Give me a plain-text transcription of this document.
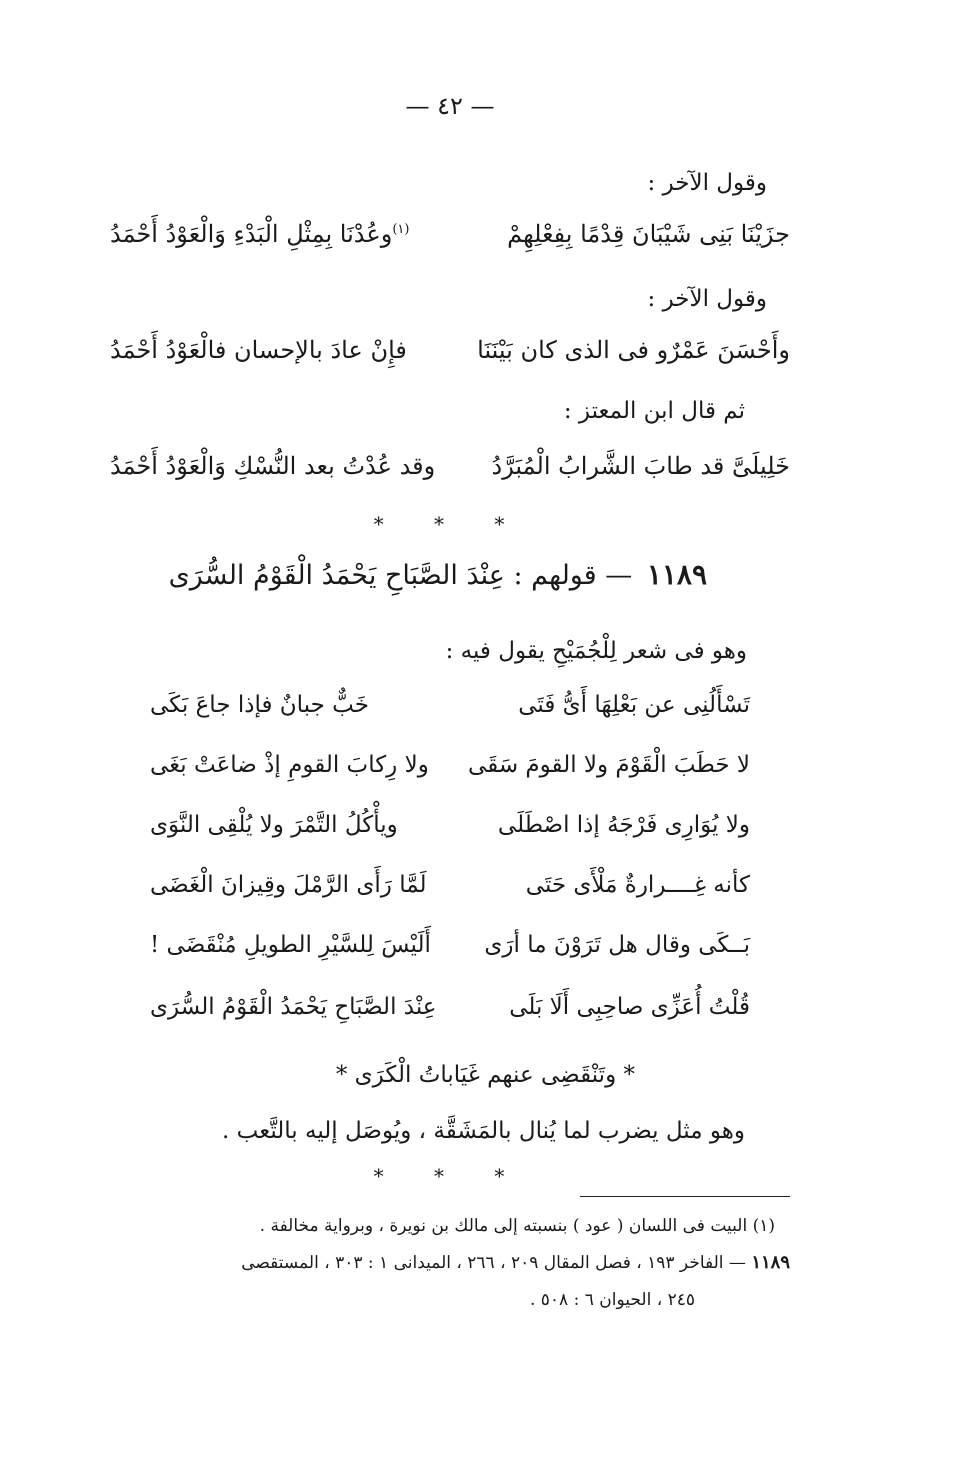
— ٤٢ —
وقول الآخر :
جزَيْنَا بَنِى شَيْبَانَ قِدْمًا بِفِعْلِهِمْ
$^{(١)}$وعُدْنَا بِمِثْلِ الْبَدْءِ وَالْعَوْدُ أَحْمَدُ
وقول الآخر :
وأَحْسَنَ عَمْرٌو فى الذى كان بَيْنَنَا
فإِنْ عادَ بالإحسان فالْعَوْدُ أَحْمَدُ
ثم قال ابن المعتز :
خَلِيلَىَّ قد طابَ الشَّرابُ الْمُبَرَّدُ
وقد عُدْتُ بعد النُّسْكِ وَالْعَوْدُ أَحْمَدُ
* * *
١١٨٩ — قولهم : عِنْدَ الصَّبَاحِ يَحْمَدُ الْقَوْمُ السُّرَى
وهو فى شعر لِلْجُمَيْحِ يقول فيه :
تَسْأَلُنِى عن بَعْلِهَا أَىُّ فَتَى
خَبٌّ جبانٌ فإذا جاعَ بَكَى
لا حَطَبَ الْقَوْمَ ولا القومَ سَقَى
ولا رِكابَ القومِ إذْ ضاعَتْ بَغَى
ولا يُوَارِى فَرْجَهُ إذا اصْطَلَى
ويأْكُلُ التَّمْرَ ولا يُلْقِى النَّوَى
كأنه غِــــرارةٌ مَلْأَى حَتَى
لَمَّا رَأَى الرَّمْلَ وقِيزانَ الْغَضَى
بَــكَى وقال هل تَرَوْنَ ما أرَى
أَلَيْسَ لِلسَّيْرِ الطويلِ مُنْقَضَى !
قُلْتُ أُعَزِّى صاحِبِى أَلَا بَلَى
عِنْدَ الصَّبَاحِ يَحْمَدُ الْقَوْمُ السُّرَى
* وتَنْقَضِى عنهم غَيَاباتُ الْكَرَى *
وهو مثل يضرب لما يُنال بالمَشَقَّة ، ويُوصَل إليه بالتَّعب .
* * *
(١) البيت فى اللسان ( عود ) بنسبته إلى مالك بن نويرة ، وبرواية مخالفة .
١١٨٩ — الفاخر ١٩٣ ، فصل المقال ٢٠٩ ، ٢٦٦ ، الميدانى ١ : ٣٠٣ ، المستقصى
٢٤٥ ، الحيوان ٦ : ٥٠٨ .
